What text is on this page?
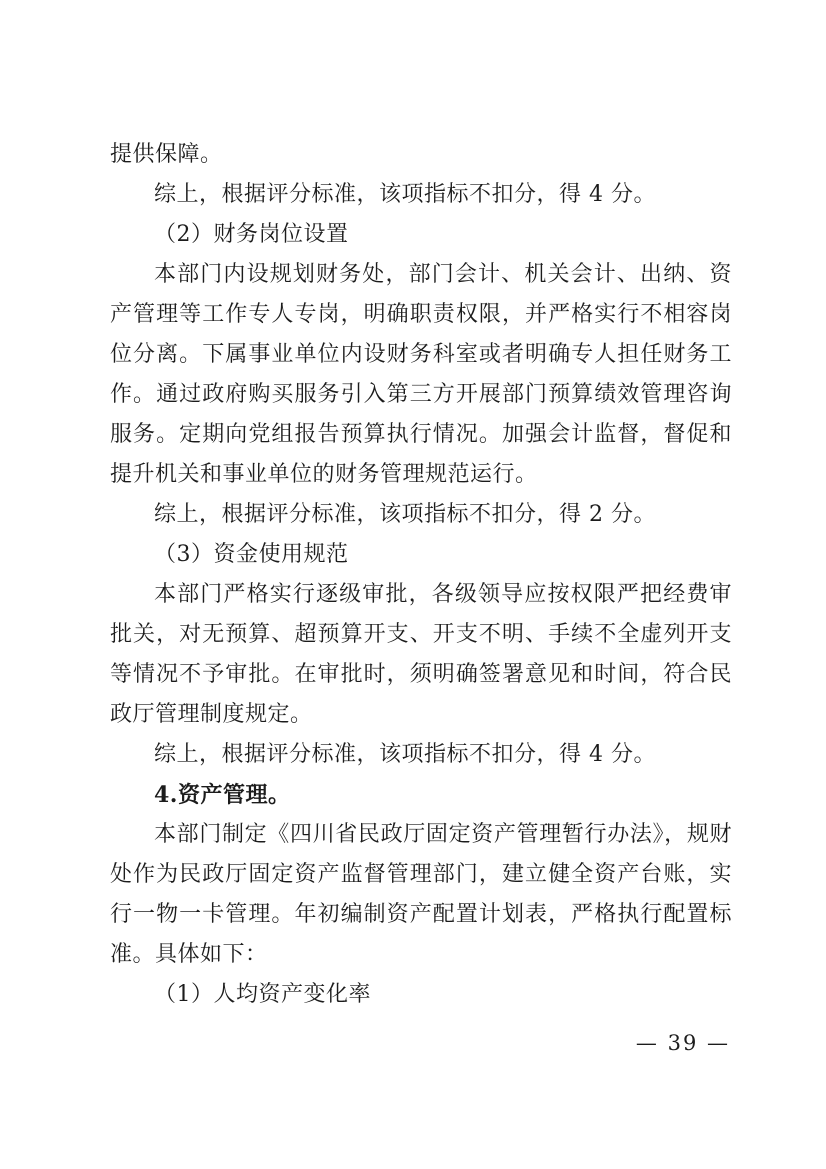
提供保障。

综上，根据评分标准，该项指标不扣分，得 4 分。

（2）财务岗位设置

本部门内设规划财务处，部门会计、机关会计、出纳、资产管理等工作专人专岗，明确职责权限，并严格实行不相容岗位分离。下属事业单位内设财务科室或者明确专人担任财务工作。通过政府购买服务引入第三方开展部门预算绩效管理咨询服务。定期向党组报告预算执行情况。加强会计监督，督促和提升机关和事业单位的财务管理规范运行。

综上，根据评分标准，该项指标不扣分，得 2 分。

（3）资金使用规范

本部门严格实行逐级审批，各级领导应按权限严把经费审批关，对无预算、超预算开支、开支不明、手续不全虚列开支等情况不予审批。在审批时，须明确签署意见和时间，符合民政厅管理制度规定。

综上，根据评分标准，该项指标不扣分，得 4 分。

4.资产管理。

本部门制定《四川省民政厅固定资产管理暂行办法》，规财处作为民政厅固定资产监督管理部门，建立健全资产台账，实行一物一卡管理。年初编制资产配置计划表，严格执行配置标准。具体如下：

（1）人均资产变化率

— 39 —
